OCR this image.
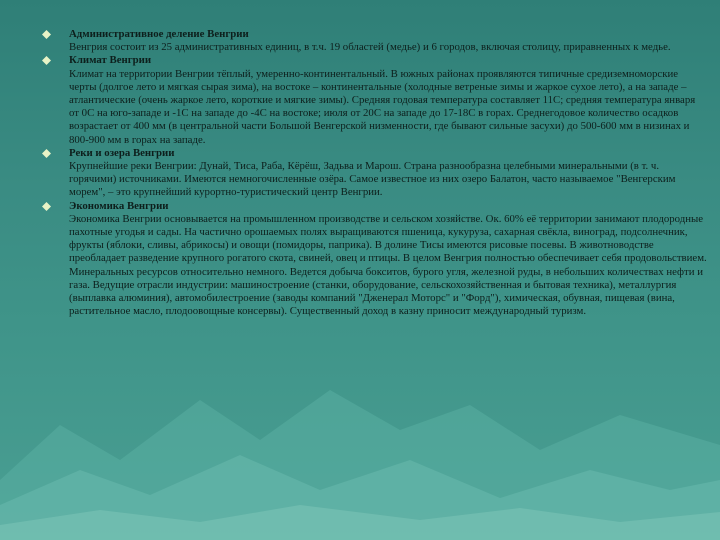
Административное деление Венгрии

Венгрия состоит из 25 административных единиц, в т.ч. 19 областей (медье) и 6 городов, включая столицу, приравненных к медье.

Климат Венгрии

Климат на территории Венгрии тёплый, умеренно-континентальный. В южных районах проявляются типичные средиземноморские черты (долгое лето и мягкая сырая зима), на востоке – континентальные (холодные ветреные зимы и жаркое сухое лето), а на западе – атлантические (очень жаркое лето, короткие и мягкие зимы). Средняя годовая температура составляет 11С; средняя температура января от 0С на юго-западе и -1С на западе до -4С на востоке; июля от 20С на западе до 17-18С в горах. Среднегодовое количество осадков возрастает от 400 мм (в центральной части Большой Венгерской низменности, где бывают сильные засухи) до 500-600 мм в низинах и 800-900 мм в горах на западе.

Реки и озера Венгрии

Крупнейшие реки Венгрии: Дунай, Тиса, Раба, Кёрёш, Задьва и Марош. Страна разнообразна целебными минеральными (в т. ч. горячими) источниками. Имеются немногочисленные озёра. Самое известное из них озеро Балатон, часто называемое "Венгерским морем", – это крупнейший курортно-туристический центр Венгрии.

Экономика Венгрии

Экономика Венгрии основывается на промышленном производстве и сельском хозяйстве. Ок. 60% её территории занимают плодородные пахотные угодья и сады. На частично орошаемых полях выращиваются пшеница, кукуруза, сахарная свёкла, виноград, подсолнечник, фрукты (яблоки, сливы, абрикосы) и овощи (помидоры, паприка). В долине Тисы имеются рисовые посевы. В животноводстве преобладает разведение крупного рогатого скота, свиней, овец и птицы. В целом Венгрия полностью обеспечивает себя продовольствием. Минеральных ресурсов относительно немного. Ведется добыча бокситов, бурого угля, железной руды, в небольших количествах нефти и газа. Ведущие отрасли индустрии: машиностроение (станки, оборудование, сельскохозяйственная и бытовая техника), металлургия (выплавка алюминия), автомобилестроение (заводы компаний "Дженерал Моторс" и "Форд"), химическая, обувная, пищевая (вина, растительное масло, плодоовощные консервы). Существенный доход в казну приносит международный туризм.
